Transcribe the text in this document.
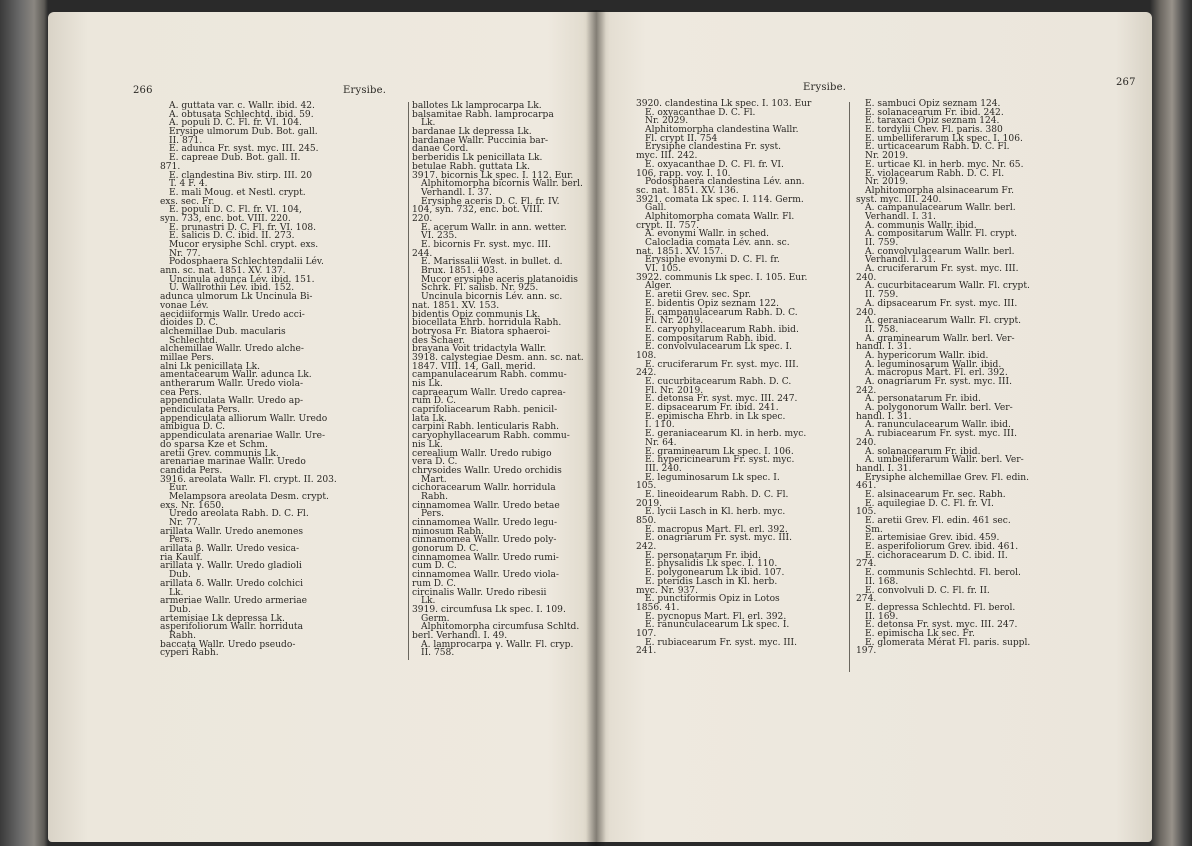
266	Erysibe.
A. guttata var. c. Wallr. ibid. 42.
A. obtusata Schlechtd. ibid. 59.
A. populi D. C. Fl. fr. VI. 104.
Erysipe ulmorum Dub. Bot. gall.
II. 871.
E. adunca Fr. syst. myc. III. 245.
E. capreae Dub. Bot. gall. II.
871.
E. clandestina Biv. stirp. III. 20
T. 4 F. 4.
E. mali Moug. et Nestl. crypt.
exs. sec. Fr.
E. populi D. C. Fl. fr. VI. 104,
syn. 733, enc. bot. VIII. 220.
E. prunastri D. C. Fl. fr. VI. 108.
E. salicis D. C. ibid. II. 273.
Mucor erysiphe Schl. crypt. exs.
Nr. 77.
Podosphaera Schlechtendalii Lév.
ann. sc. nat. 1851. XV. 137.
Uncinula adunca Lév. ibid. 151.
U. Wallrothii Lév. ibid. 152.
adunca ulmorum Lk Uncinula Bi-
vonae Lév.
aecidiiformis Wallr. Uredo acci-
dioides D. C.
alchemillae Dub. macularis
Schlechtd.
alchemillae Wallr. Uredo alche-
millae Pers.
alni Lk penicillata Lk.
amentacearum Wallr. adunca Lk.
antherarum Wallr. Uredo viola-
cea Pers.
appendiculata Wallr. Uredo ap-
pendiculata Pers.
appendiculata alliorum Wallr. Uredo
ambigua D. C.
appendiculata arenariae Wallr. Ure-
do sparsa Kze et Schm.
aretii Grev. communis Lk.
arenariae marinae Wallr. Uredo
candida Pers.
3916. areolata Wallr. Fl. crypt. II. 203.
Eur.
Melampsora areolata Desm. crypt.
exs. Nr. 1650.
Uredo areolata Rabh. D. C. Fl.
Nr. 77.
arillata Wallr. Uredo anemones
Pers.
arillata β. Wallr. Uredo vesica-
ria Kaulf.
arillata γ. Wallr. Uredo gladioli
Dub.
arillata δ. Wallr. Uredo colchici
Lk.
armeriae Wallr. Uredo armeriae
Dub.
artemisiae Lk depressa Lk.
asperifoliorum Wallr. horriduta
Rabh.
baccata Wallr. Uredo pseudo-
cyperi Rabh.
ballotes Lk lamprocarpa Lk.
balsamitae Rabh. lamprocarpa
Lk.
bardanae Lk depressa Lk.
bardanae Wallr. Puccinia bar-
danae Cord.
berberidis Lk penicillata Lk.
betulae Rabh. guttata Lk.
3917. bicornis Lk spec. I. 112. Eur.
Alphitomorpha bicornis Wallr. berl.
Verhandl. I. 37.
Erysiphe aceris D. C. Fl. fr. IV.
104, syn. 732, enc. bot. VIII.
220.
E. acerum Wallr. in ann. wetter.
VI. 235.
E. bicornis Fr. syst. myc. III.
244.
E. Marissalii West. in bullet. d.
Brux. 1851. 403.
Mucor erysiphe aceris platanoidis
Schrk. Fl. salisb. Nr. 925.
Uncinula bicornis Lév. ann. sc.
nat. 1851. XV. 153.
bidentis Opiz communis Lk.
biocellata Ehrb. horridula Rabh.
botryosa Fr. Biatora sphaeroi-
des Schaer.
brayana Voit tridactyla Wallr.
3918. calystegiae Desm. ann. sc. nat.
1847. VIII. 14, Gall. merid.
campanulacearum Rabh. commu-
nis Lk.
capraearum Wallr. Uredo caprea-
rum D. C.
caprifoliacearum Rabh. penicil-
lata Lk.
carpini Rabh. lenticularis Rabh.
caryophyllacearum Rabh. commu-
nis Lk.
cerealium Wallr. Uredo rubigo
vera D. C.
chrysoides Wallr. Uredo orchidis
Mart.
cichoracearum Wallr. horridula
Rabh.
cinnamomea Wallr. Uredo betae
Pers.
cinnamomea Wallr. Uredo legu-
minosum Rabh.
cinnamomea Wallr. Uredo poly-
gonorum D. C.
cinnamomea Wallr. Uredo rumi-
cum D. C.
cinnamomea Wallr. Uredo viola-
rum D. C.
circinalis Wallr. Uredo ribesii
Lk.
3919. circumfusa Lk spec. I. 109.
Germ.
Alphitomorpha circumfusa Schltd.
berl. Verhandl. I. 49.
A. lamprocarpa γ. Wallr. Fl. cryp.
II. 758.
Erysibe.	267
3920. clandestina Lk spec. I. 103. Eur
E. oxyacanthae D. C. Fl.
Nr. 2029.
Alphitomorpha clandestina Wallr.
Fl. crypt II. 754
Erysiphe clandestina Fr. syst.
myc. III. 242.
E. oxyacanthae D. C. Fl. fr. VI.
106, rapp. voy. I. 10.
Podosphaera clandestina Lév. ann.
sc. nat. 1851. XV. 136.
3921. comata Lk spec. I. 114. Germ.
Gall.
Alphitomorpha comata Wallr. Fl.
crypt. II. 757.
A. evonymi Wallr. in sched.
Calocladia comata Lév. ann. sc.
nat. 1851. XV. 157.
Erysiphe evonymi D. C. Fl. fr.
VI. 105.
3922. communis Lk spec. I. 105. Eur.
Alger.
E. aretii Grev. sec. Spr.
E. bidentis Opiz seznam 122.
E. campanulacearum Rabh. D. C.
Fl. Nr. 2019.
E. caryophyllacearum Rabh. ibid.
E. compositarum Rabh. ibid.
E. convolvulacearum Lk spec. I.
108.
E. cruciferarum Fr. syst. myc. III.
242.
E. cucurbitacearum Rabh. D. C.
Fl. Nr. 2019.
E. detonsa Fr. syst. myc. III. 247.
E. dipsacearum Fr. ibid. 241.
E. epimischa Ehrb. in Lk spec.
I. 110.
E. geraniacearum Kl. in herb. myc.
Nr. 64.
E. graminearum Lk spec. I. 106.
E. hypericinearum Fr. syst. myc.
III. 240.
E. leguminosarum Lk spec. I.
105.
E. lineoidearum Rabh. D. C. Fl.
2019.
E. lycii Lasch in Kl. herb. myc.
850.
E. macropus Mart. Fl. erl. 392.
E. onagriarum Fr. syst. myc. III.
242.
E. personatarum Fr. ibid.
E. physalidis Lk spec. I. 110.
E. polygonearum Lk ibid. 107.
E. pteridis Lasch in Kl. herb.
myc. Nr. 937.
E. punctiformis Opiz in Lotos
1856. 41.
E. pycnopus Mart. Fl. erl. 392.
E. ranunculacearum Lk spec. I.
107.
E. rubiacearum Fr. syst. myc. III.
241.
E. sambuci Opiz seznam 124.
E. solanacearum Fr. ibid. 242.
E. taraxaci Opiz seznam 124.
E. tordylii Chev. Fl. paris. 380
E. umbelliferarum Lk spec. I. 106.
E. urticacearum Rabh. D. C. Fl.
Nr. 2019.
E. urticae Kl. in herb. myc. Nr. 65.
E. violacearum Rabh. D. C. Fl.
Nr. 2019.
Alphitomorpha alsinacearum Fr.
syst. myc. III. 240.
A. campanulacearum Wallr. berl.
Verhandl. I. 31.
A. communis Wallr. ibid.
A. compositarum Wallr. Fl. crypt.
II. 759.
A. convolvulacearum Wallr. berl.
Verhandl. I. 31.
A. cruciferarum Fr. syst. myc. III.
240.
A. cucurbitacearum Wallr. Fl. crypt.
II. 759.
A. dipsacearum Fr. syst. myc. III.
240.
A. geraniacearum Wallr. Fl. crypt.
II. 758.
A. graminearum Wallr. berl. Ver-
handl. I. 31.
A. hypericorum Wallr. ibid.
A. leguminosarum Wallr. ibid.
A. macropus Mart. Fl. erl. 392.
A. onagriarum Fr. syst. myc. III.
242.
A. personatarum Fr. ibid.
A. polygonorum Wallr. berl. Ver-
handl. I. 31.
A. ranunculacearum Wallr. ibid.
A. rubiacearum Fr. syst. myc. III.
240.
A. solanacearum Fr. ibid.
A. umbelliferarum Wallr. berl. Ver-
handl. I. 31.
Erysiphe alchemillae Grev. Fl. edin.
461.
E. alsinacearum Fr. sec. Rabh.
E. aquilegiae D. C. Fl. fr. VI.
105.
E. aretii Grev. Fl. edin. 461 sec.
Sm.
E. artemisiae Grev. ibid. 459.
E. asperifoliorum Grev. ibid. 461.
E. cichoracearum D. C. ibid. II.
274.
E. communis Schlechtd. Fl. berol.
II. 168.
E. convolvuli D. C. Fl. fr. II.
274.
E. depressa Schlechtd. Fl. berol.
II. 169.
E. detonsa Fr. syst. myc. III. 247.
E. epimischa Lk sec. Fr.
E. glomerata Mérat Fl. paris. suppl.
197.
